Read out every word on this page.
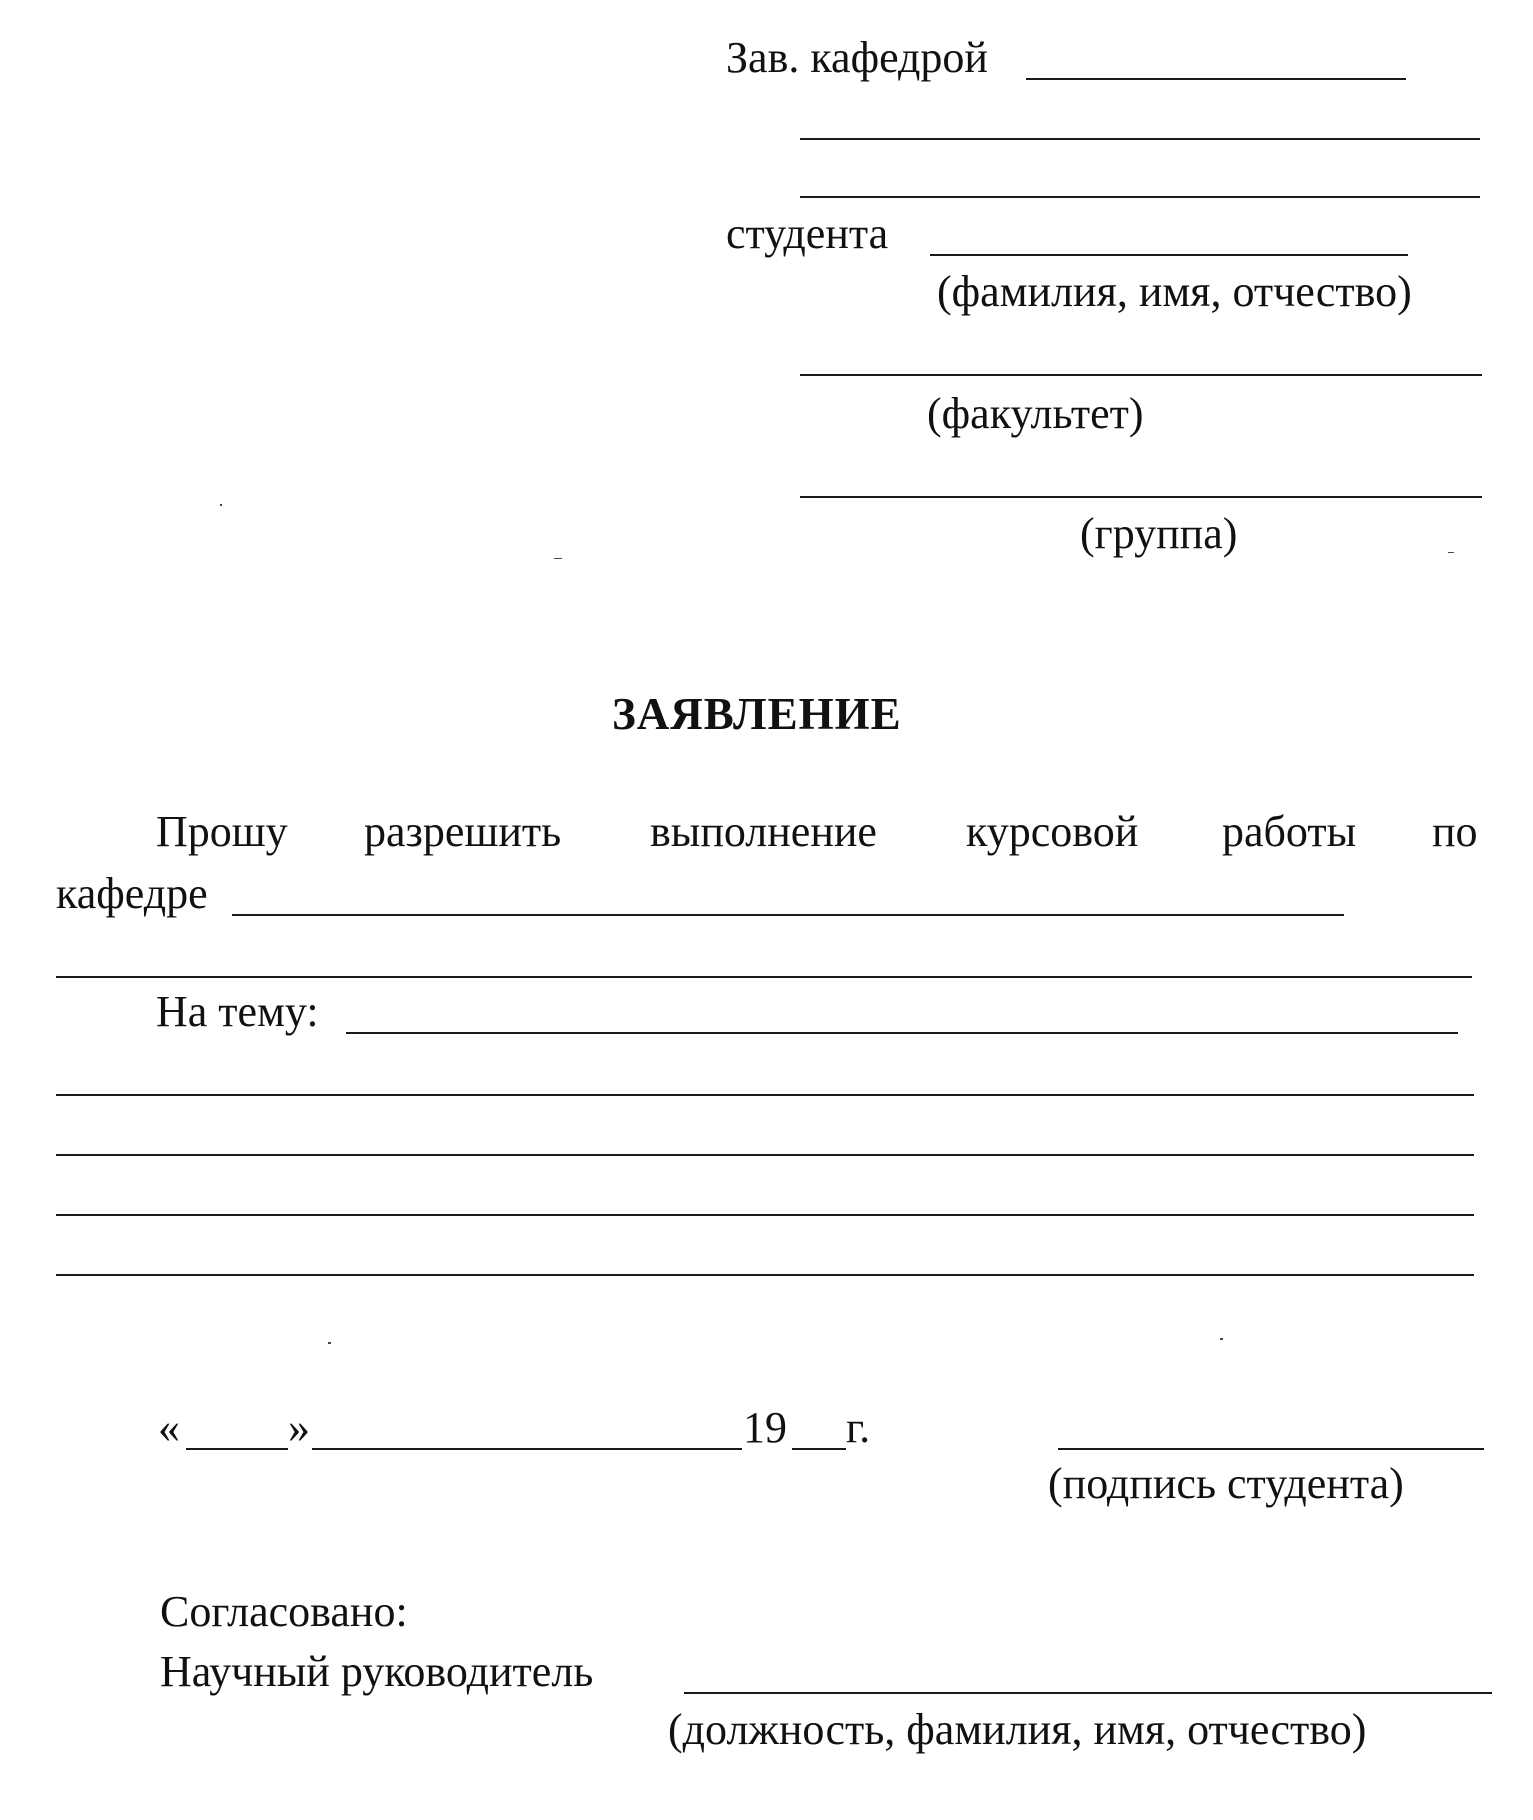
Зав. кафедрой
студента
(фамилия, имя, отчество)
(факультет)
(группа)
ЗАЯВЛЕНИЕ
Прошу разрешить выполнение курсовой работы по
кафедре
На тему:
« »	19 г.
(подпись студента)
Согласовано:
Научный руководитель
(должность, фамилия, имя, отчество)
